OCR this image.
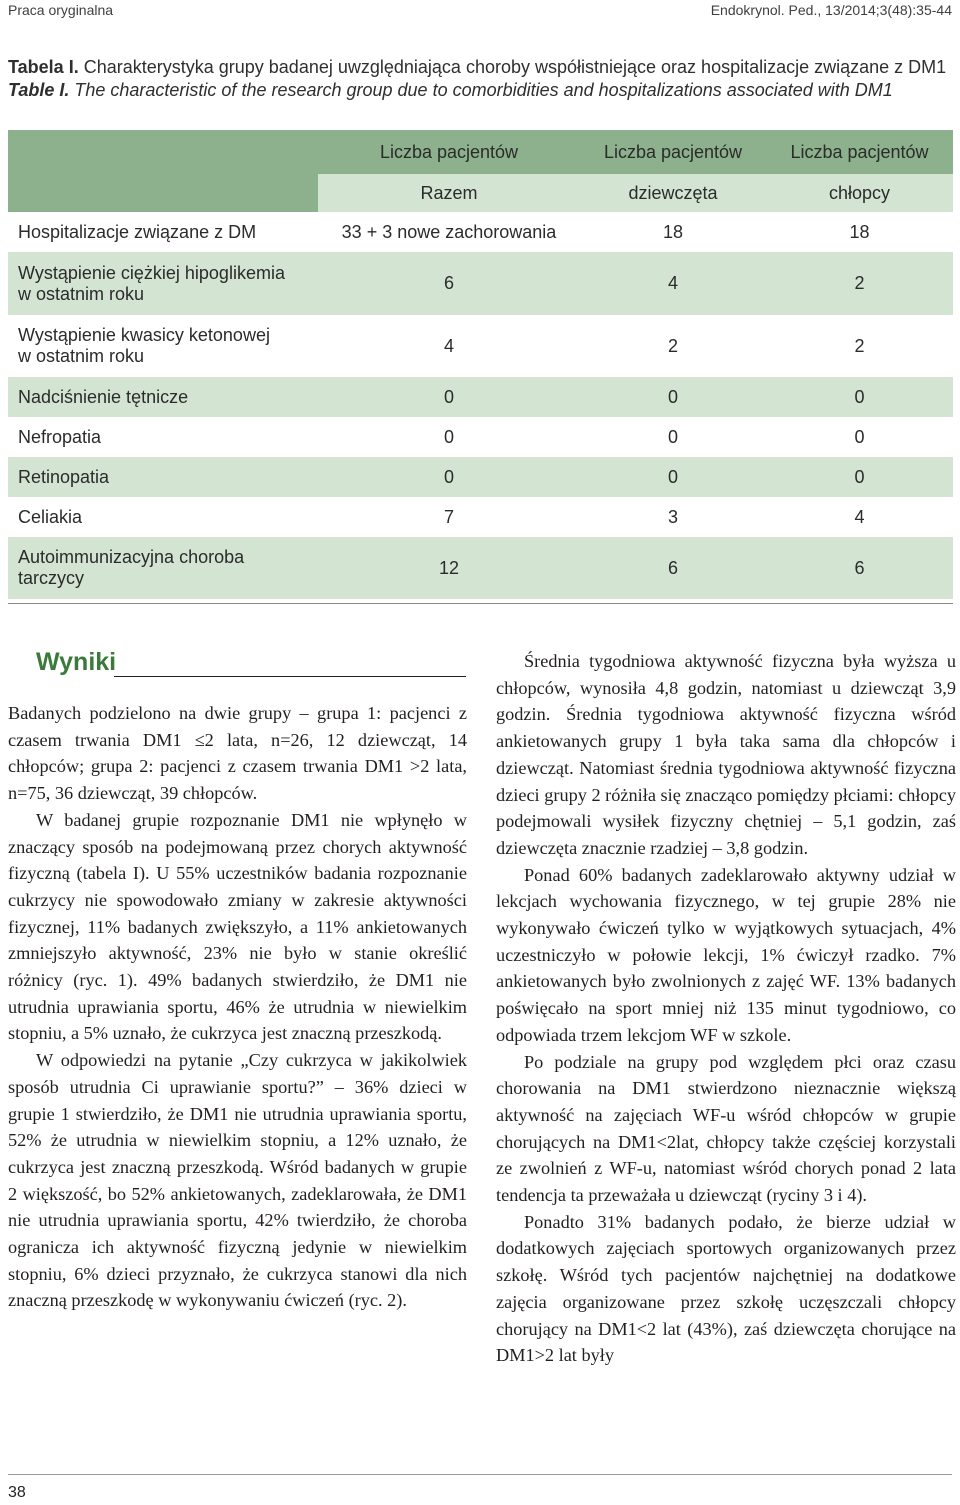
Praca oryginalna	Endokrynol. Ped., 13/2014;3(48):35-44
Tabela I. Charakterystyka grupy badanej uwzględniająca choroby współistniejące oraz hospitalizacje związane z DM1
Table I. The characteristic of the research group due to comorbidities and hospitalizations associated with DM1
	Liczba pacjentów	Liczba pacjentów	Liczba pacjentów
	Razem	dziewczęta	chłopcy
Hospitalizacje związane z DM	33 + 3 nowe zachorowania	18	18

Wystąpienie ciężkiej hipoglikemia
w ostatnim roku	6	4	2

Wystąpienie kwasicy ketonowej
w ostatnim roku	4	2	2
Nadciśnienie tętnicze	0	0	0
Nefropatia	0	0	0
Retinopatia	0	0	0
Celiakia	7	3	4

Autoimmunizacyjna choroba
tarczycy	12	6	6
Wyniki

Badanych podzielono na dwie grupy – grupa 1: pacjenci z czasem trwania DM1 ≤2 lata, n=26, 12 dziewcząt, 14 chłopców; grupa 2: pacjenci z czasem trwania DM1 >2 lata, n=75, 36 dziewcząt, 39 chłopców.

W badanej grupie rozpoznanie DM1 nie wpłynęło w znaczący sposób na podejmowaną przez chorych aktywność fizyczną (tabela I). U 55% uczestników badania rozpoznanie cukrzycy nie spowodowało zmiany w zakresie aktywności fizycznej, 11% badanych zwiększyło, a 11% ankietowanych zmniejszyło aktywność, 23% nie było w stanie określić różnicy (ryc. 1). 49% badanych stwierdziło, że DM1 nie utrudnia uprawiania sportu, 46% że utrudnia w niewielkim stopniu, a 5% uznało, że cukrzyca jest znaczną przeszkodą.

W odpowiedzi na pytanie „Czy cukrzyca w jakikolwiek sposób utrudnia Ci uprawianie sportu?” – 36% dzieci w grupie 1 stwierdziło, że DM1 nie utrudnia uprawiania sportu, 52% że utrudnia w niewielkim stopniu, a 12% uznało, że cukrzyca jest znaczną przeszkodą. Wśród badanych w grupie 2 większość, bo 52% ankietowanych, zadeklarowała, że DM1 nie utrudnia uprawiania sportu, 42% twierdziło, że choroba ogranicza ich aktywność fizyczną jedynie w niewielkim stopniu, 6% dzieci przyznało, że cukrzyca stanowi dla nich znaczną przeszkodę w wykonywaniu ćwiczeń (ryc. 2).

Średnia tygodniowa aktywność fizyczna była wyższa u chłopców, wynosiła 4,8 godzin, natomiast u dziewcząt 3,9 godzin. Średnia tygodniowa aktywność fizyczna wśród ankietowanych grupy 1 była taka sama dla chłopców i dziewcząt. Natomiast średnia tygodniowa aktywność fizyczna dzieci grupy 2 różniła się znacząco pomiędzy płciami: chłopcy podejmowali wysiłek fizyczny chętniej – 5,1 godzin, zaś dziewczęta znacznie rzadziej – 3,8 godzin.

Ponad 60% badanych zadeklarowało aktywny udział w lekcjach wychowania fizycznego, w tej grupie 28% nie wykonywało ćwiczeń tylko w wyjątkowych sytuacjach, 4% uczestniczyło w połowie lekcji, 1% ćwiczył rzadko. 7% ankietowanych było zwolnionych z zajęć WF. 13% badanych poświęcało na sport mniej niż 135 minut tygodniowo, co odpowiada trzem lekcjom WF w szkole.

Po podziale na grupy pod względem płci oraz czasu chorowania na DM1 stwierdzono nieznacznie większą aktywność na zajęciach WF-u wśród chłopców w grupie chorujących na DM1<2lat, chłopcy także częściej korzystali ze zwolnień z WF-u, natomiast wśród chorych ponad 2 lata tendencja ta przeważała u dziewcząt (ryciny 3 i 4).

Ponadto 31% badanych podało, że bierze udział w dodatkowych zajęciach sportowych organizowanych przez szkołę. Wśród tych pacjentów najchętniej na dodatkowe zajęcia organizowane przez szkołę uczęszczali chłopcy chorujący na DM1<2 lat (43%), zaś dziewczęta chorujące na DM1>2 lat były

38
